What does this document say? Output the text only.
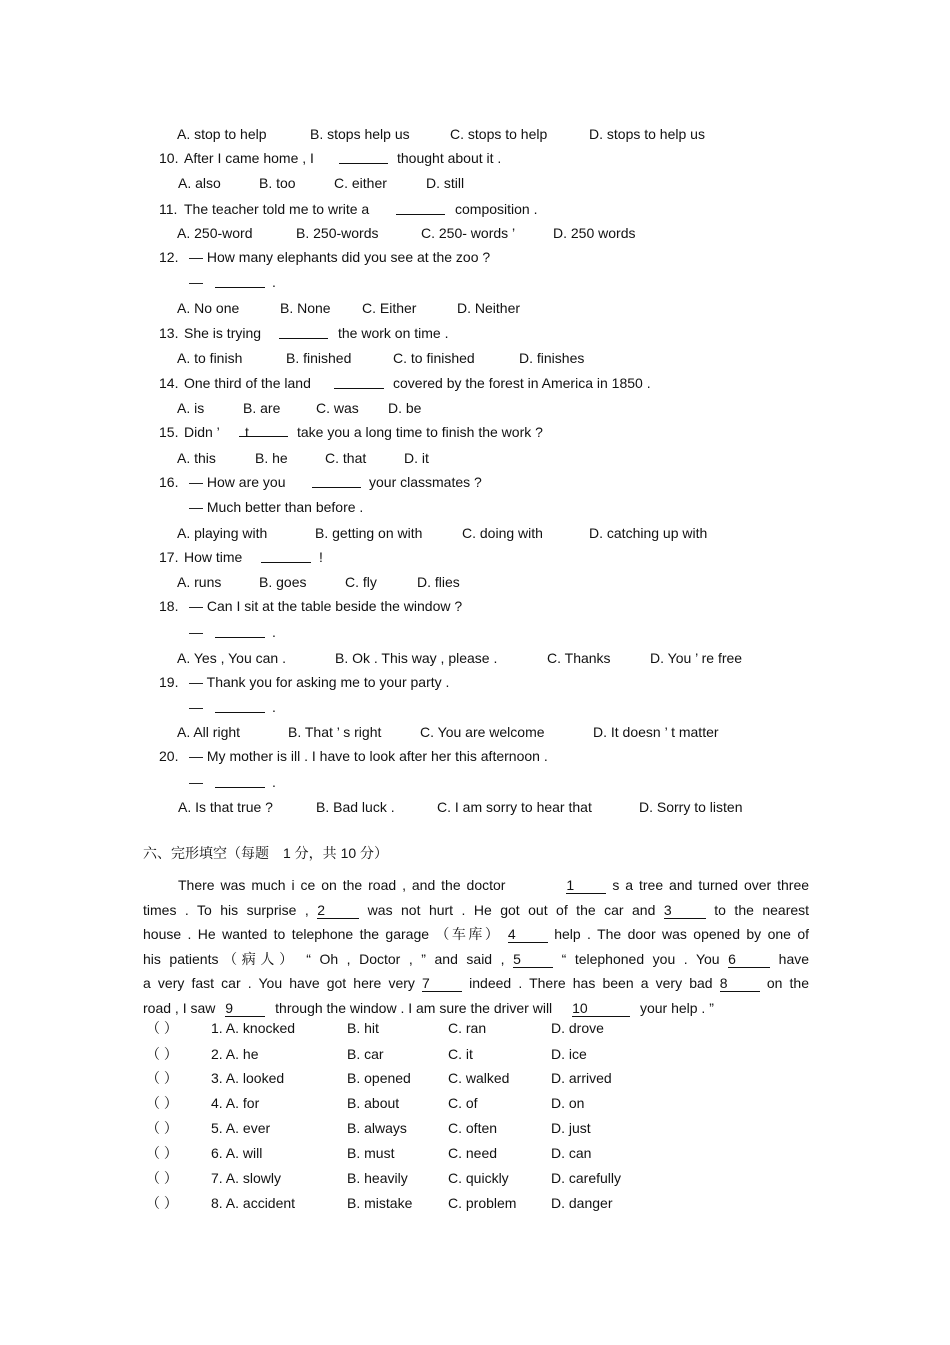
A. stop to help	B. stops help us	C. stops to help	D. stops to help us
10. After I came home , I	thought about it .
A. also	B. too	C. either	D. still
11. The teacher told me to write a	composition .
A. 250-word	B. 250-words	C. 250- words ’	D. 250 words
12. — How many elephants did you see at the zoo ?
—	.
A. No one	B. None C. Either	D. Neither
13. She is trying	the work on time .
A. to finish	B. finished	C. to finished	D. finishes
14. One third of the land	covered by the forest in America in 1850 .
A. is	B. are	C. was D. be
15. Didn ’	t	take you a long time to finish the work ?
A. this	B. he	C. that	D. it
16. — How are you	your classmates ?
— Much better than before .
A. playing with	B. getting on with	C. doing with	D. catching up with
17. How time	!
A. runs	B. goes	C. fly	D. flies
18. — Can I sit at the table beside the window ?
—	.
A. Yes , You can .	B. Ok . This way , please .	C. Thanks	D. You ’ re free
19. — Thank you for asking me to your party .
—	.
A. All right	B. That ’ s right	C. You are welcome	D. It doesn ’ t matter
20. — My mother is ill . I have to look after her this afternoon .
—	.
A. Is that true ?	B. Bad luck .	C. I am sorry to hear that	D. Sorry to listen
六、完形填空（每题　1 分，共 10 分）
There was much i ce on the road , and the doctor	1	s a tree and turned over three
times . To his surprise , 2	was not hurt . He got out of the car and 3	to the nearest
house . He wanted to telephone the garage （车库） 4	help . The door was opened by one of
his patients（病人） “ Oh , Doctor , ” and said , 5	“ telephoned you . You 6	have
a very fast car . You have got here very 7	indeed . There has been a very bad 8	on the
road , I saw 9	through the window . I am sure the driver will 10	your help . ”
（ ） 1. A. knocked	B. hit	C. ran	D. drove
（ ） 2. A. he	B. car	C. it	D. ice
（ ） 3. A. looked	B. opened	C. walked	D. arrived
（ ） 4. A. for	B. about	C. of	D. on
（ ） 5. A. ever	B. always	C. often	D. just
（ ） 6. A. will	B. must	C. need	D. can
（ ） 7. A. slowly	B. heavily	C. quickly	D. carefully
（ ） 8. A. accident	B. mistake	C. problem D. danger
